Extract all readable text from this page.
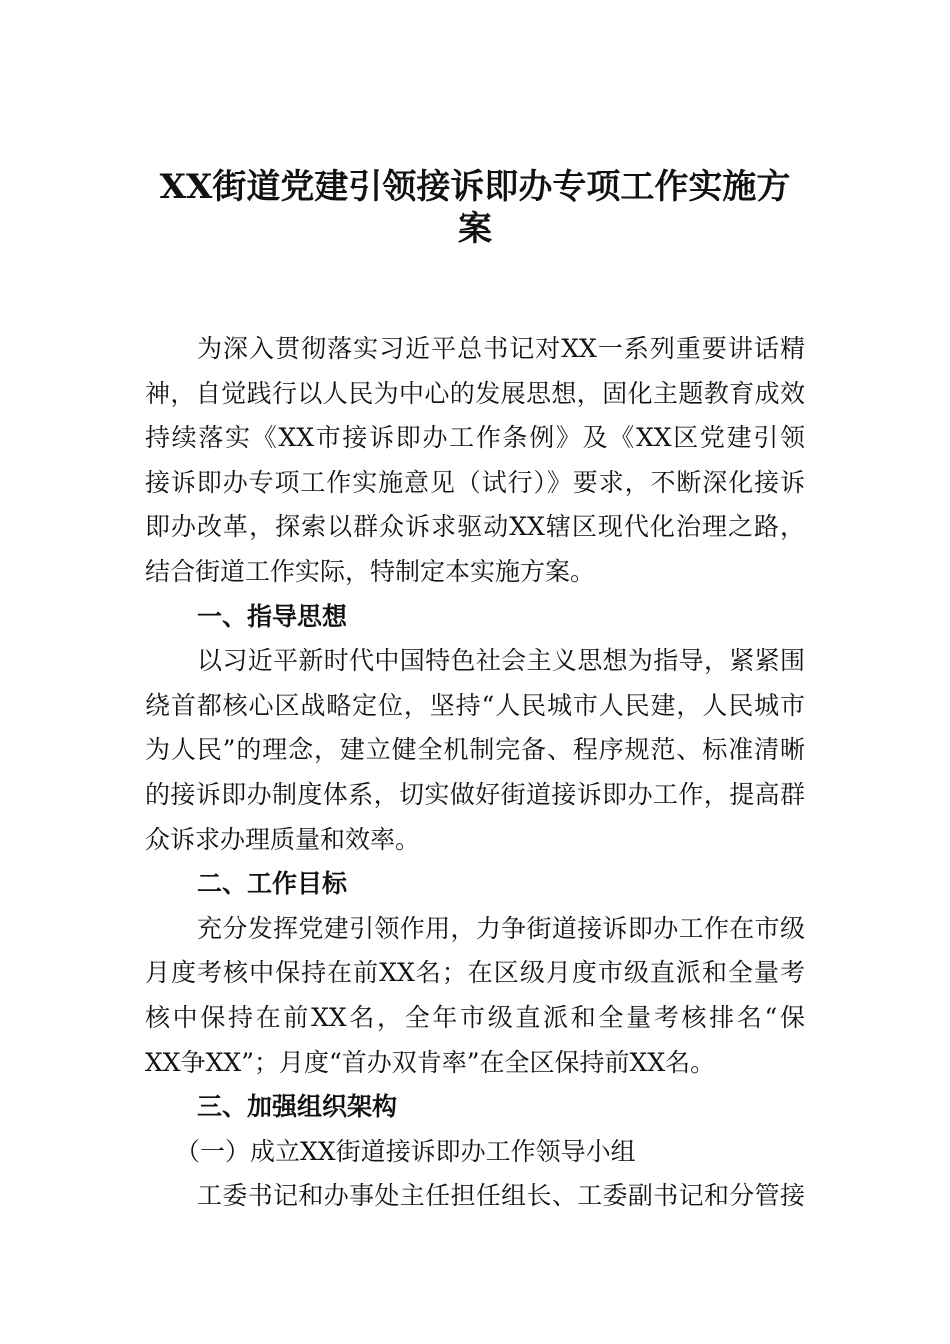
XX街道党建引领接诉即办专项工作实施方
案
为深入贯彻落实习近平总书记对XX一系列重要讲话精
神，自觉践行以人民为中心的发展思想，固化主题教育成效
持续落实《XX市接诉即办工作条例》及《XX区党建引领
接诉即办专项工作实施意见（试行）》要求，不断深化接诉
即办改革，探索以群众诉求驱动XX辖区现代化治理之路，
结合街道工作实际，特制定本实施方案。
一、指导思想
以习近平新时代中国特色社会主义思想为指导，紧紧围
绕首都核心区战略定位，坚持“人民城市人民建，人民城市
为人民”的理念，建立健全机制完备、程序规范、标准清晰
的接诉即办制度体系，切实做好街道接诉即办工作，提高群
众诉求办理质量和效率。
二、工作目标
充分发挥党建引领作用，力争街道接诉即办工作在市级
月度考核中保持在前XX名；在区级月度市级直派和全量考
核中保持在前XX名，全年市级直派和全量考核排名“保
XX争XX”；月度“首办双肯率”在全区保持前XX名。
三、加强组织架构
（一）成立XX街道接诉即办工作领导小组
工委书记和办事处主任担任组长、工委副书记和分管接
